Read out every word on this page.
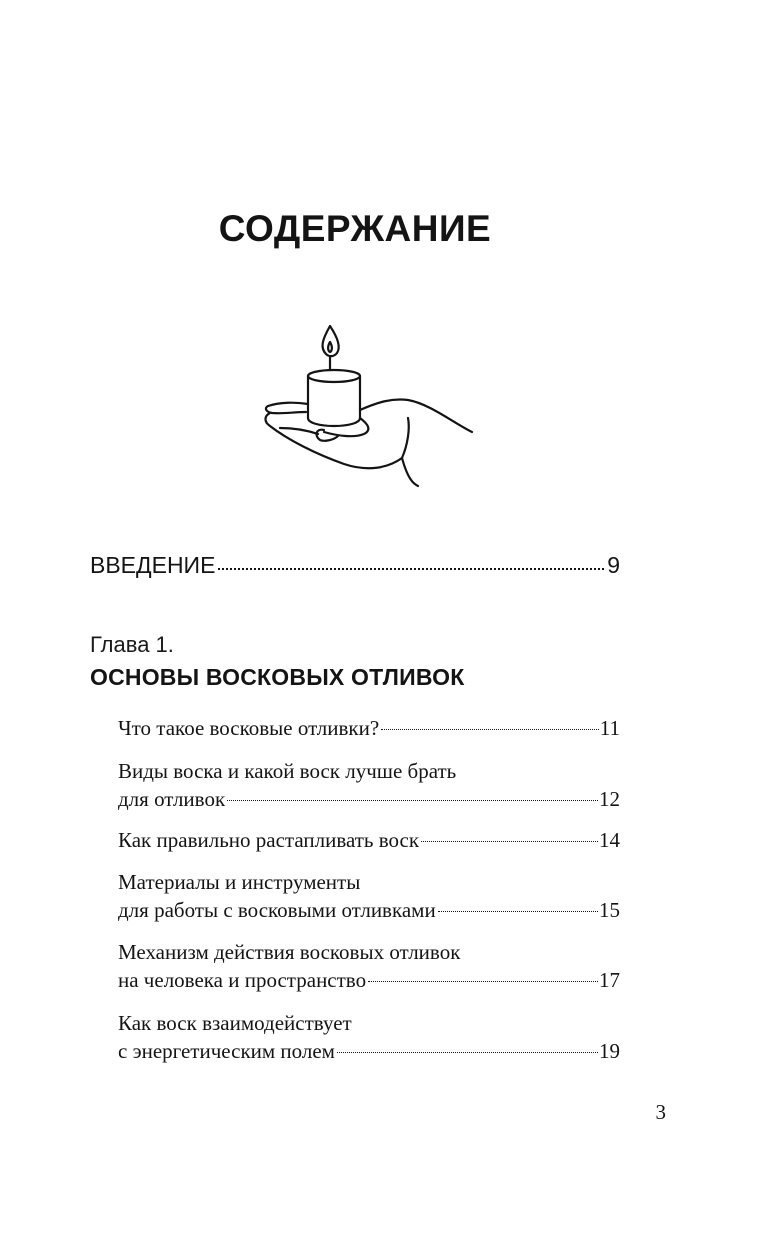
СОДЕРЖАНИЕ
ВВЕДЕНИЕ	9

Глава 1.

ОСНОВЫ ВОСКОВЫХ ОТЛИВОК
Что такое восковые отливки?	11

Виды воска и какой воск лучше брать

для отливок	12
Как правильно растапливать воск	14

Материалы и инструменты

для работы с восковыми отливками	15

Механизм действия восковых отливок

на человека и пространство	17

Как воск взаимодействует

с энергетическим полем	19

3
